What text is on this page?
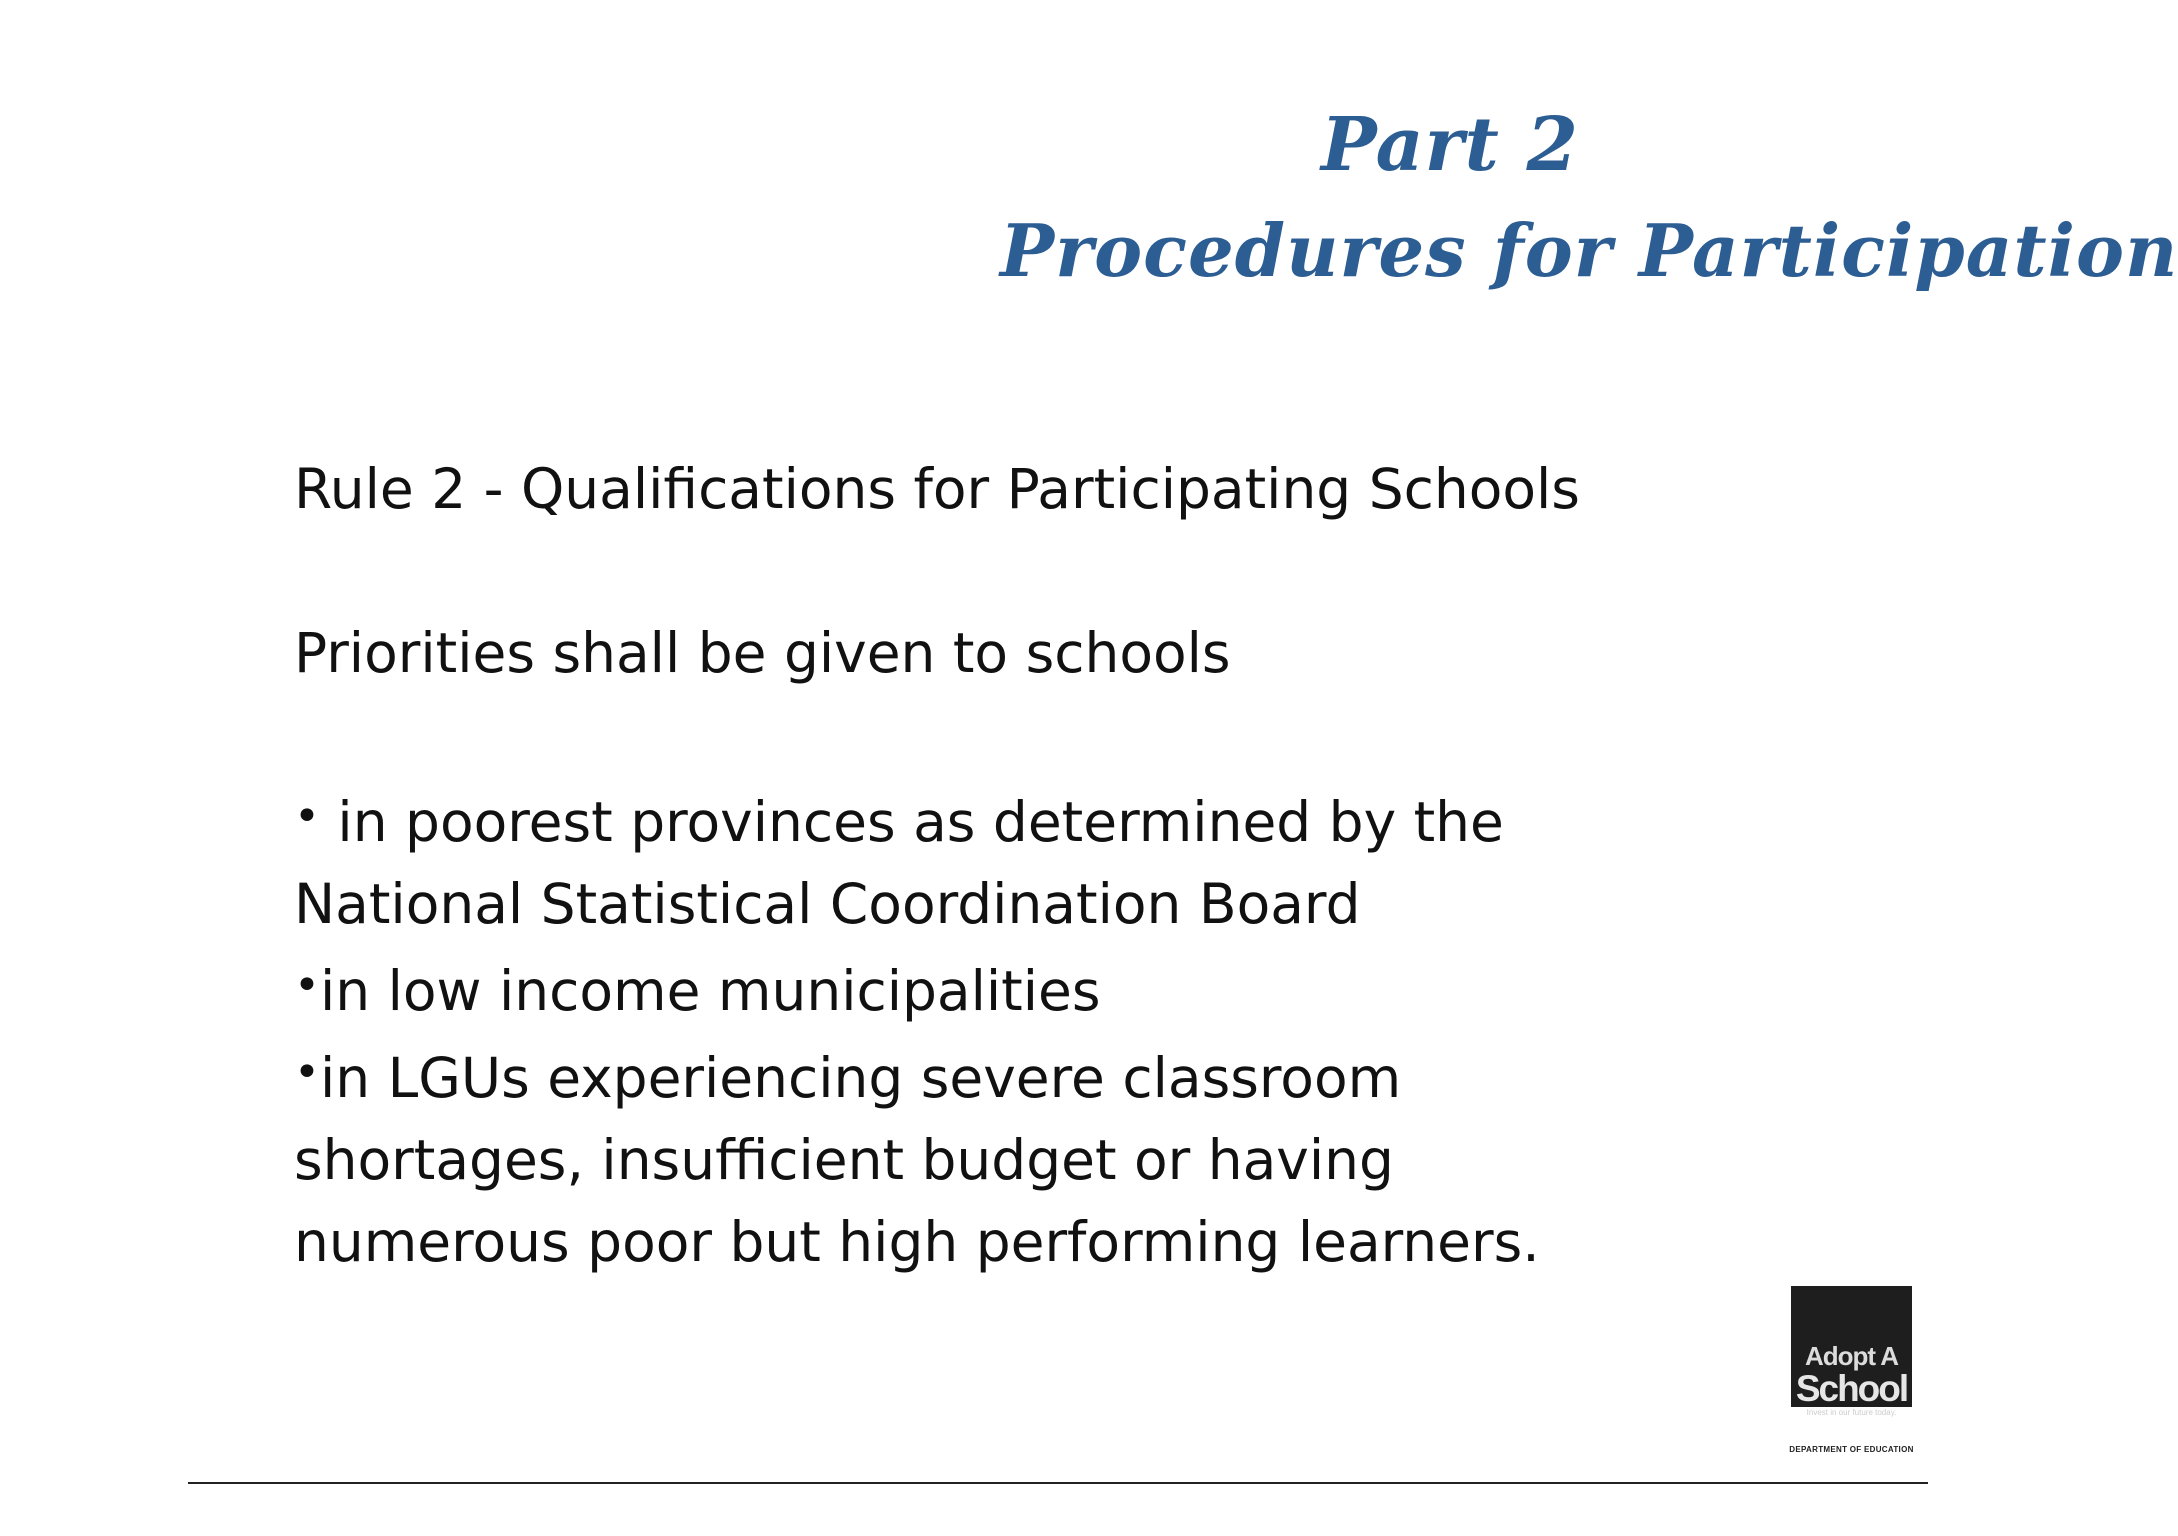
Part 2
Procedures for Participation

Rule 2 - Qualifications for Participating Schools

Priorities shall be given to schools

• in poorest provinces as determined by the

National Statistical Coordination Board

•in low income municipalities

•in LGUs experiencing severe classroom

shortages, insufficient budget or having

numerous poor but high performing learners.

Adopt A
School
Invest in our future today.
DEPARTMENT OF EDUCATION
